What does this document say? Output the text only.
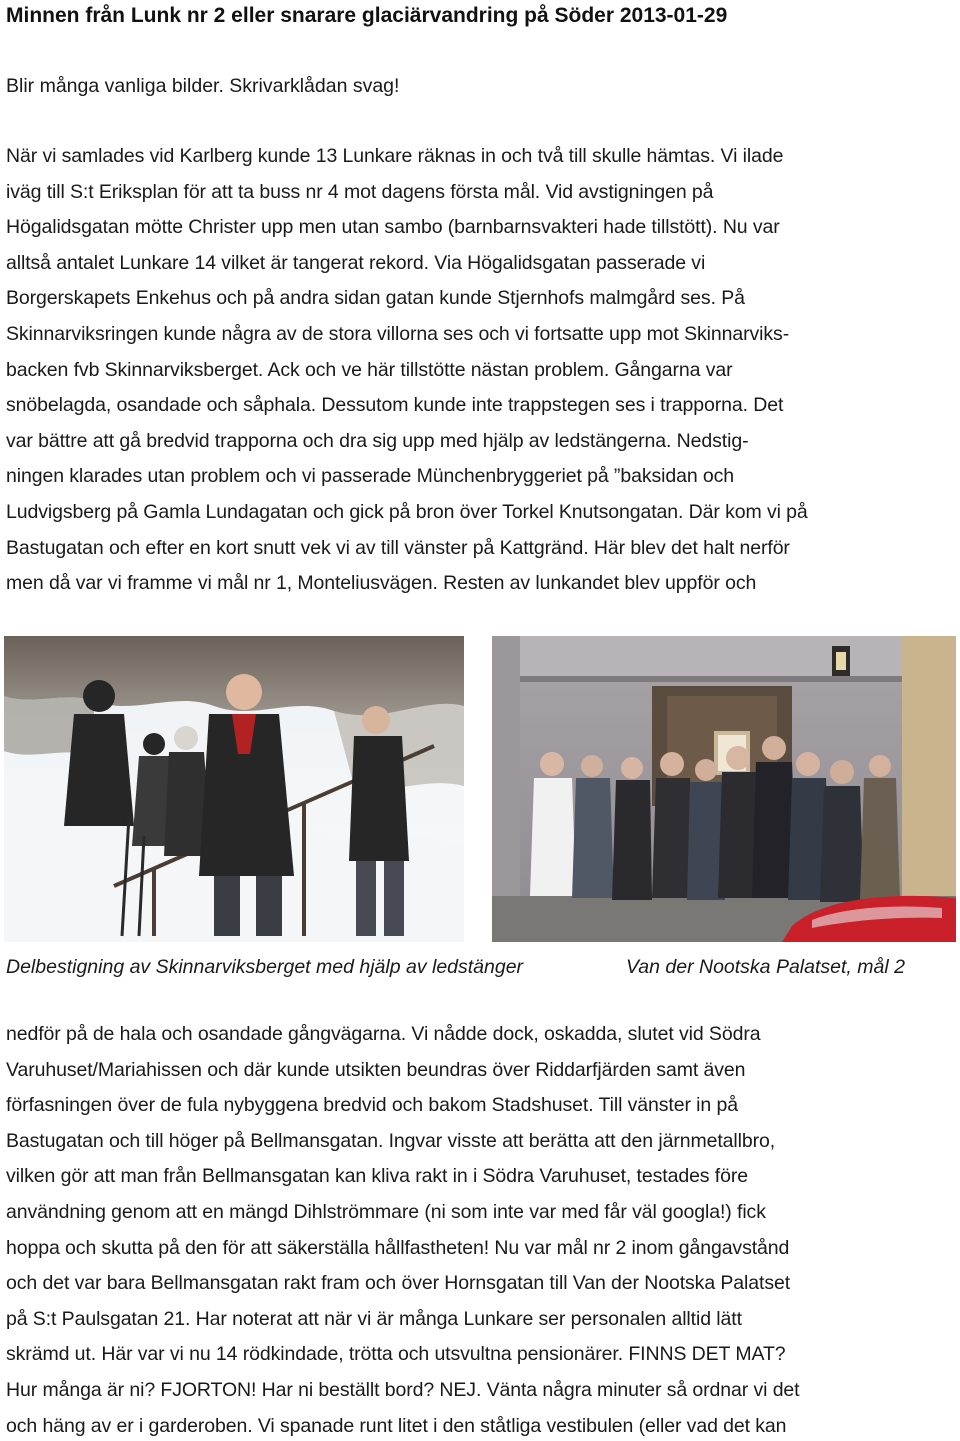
Minnen från Lunk nr 2 eller snarare glaciärvandring på Söder 2013-01-29
Blir många vanliga bilder. Skrivarklådan svag!
När vi samlades vid Karlberg kunde 13 Lunkare räknas in och två till skulle hämtas. Vi ilade
iväg till S:t Eriksplan för att ta buss nr 4 mot dagens första mål. Vid avstigningen på
Högalidsgatan mötte Christer upp men utan sambo (barnbarnsvakteri hade tillstött). Nu var
alltså antalet Lunkare 14 vilket är tangerat rekord. Via Högalidsgatan passerade vi
Borgerskapets Enkehus och på andra sidan gatan kunde Stjernhofs malmgård ses. På
Skinnarviksringen kunde några av de stora villorna ses och vi fortsatte upp mot Skinnarviks-
backen fvb Skinnarviksberget. Ack och ve här tillstötte nästan problem. Gångarna var
snöbelagda, osandade och såphala. Dessutom kunde inte trappstegen ses i trapporna. Det
var bättre att gå bredvid trapporna och dra sig upp med hjälp av ledstängerna. Nedstig-
ningen klarades utan problem och vi passerade Münchenbryggeriet på ”baksidan och
Ludvigsberg på Gamla Lundagatan och gick på bron över Torkel Knutsongatan. Där kom vi på
Bastugatan och efter en kort snutt vek vi av till vänster på Kattgränd. Här blev det halt nerför
men då var vi framme vi mål nr 1, Monteliusvägen. Resten av lunkandet blev uppför och
Delbestigning av Skinnarviksberget med hjälp av ledstänger	Van der Nootska Palatset, mål 2
nedför på de hala och osandade gångvägarna. Vi nådde dock, oskadda, slutet vid Södra
Varuhuset/Mariahissen och där kunde utsikten beundras över Riddarfjärden samt även
förfasningen över de fula nybyggena bredvid och bakom Stadshuset. Till vänster in på
Bastugatan och till höger på Bellmansgatan. Ingvar visste att berätta att den järnmetallbro,
vilken gör att man från Bellmansgatan kan kliva rakt in i Södra Varuhuset, testades före
användning genom att en mängd Dihlströmmare (ni som inte var med får väl googla!) fick
hoppa och skutta på den för att säkerställa hållfastheten! Nu var mål nr 2 inom gångavstånd
och det var bara Bellmansgatan rakt fram och över Hornsgatan till Van der Nootska Palatset
på S:t Paulsgatan 21. Har noterat att när vi är många Lunkare ser personalen alltid lätt
skrämd ut. Här var vi nu 14 rödkindade, trötta och utsvultna pensionärer. FINNS DET MAT?
Hur många är ni? FJORTON! Har ni beställt bord? NEJ. Vänta några minuter så ordnar vi det
och häng av er i garderoben. Vi spanade runt litet i den ståtliga vestibulen (eller vad det kan
